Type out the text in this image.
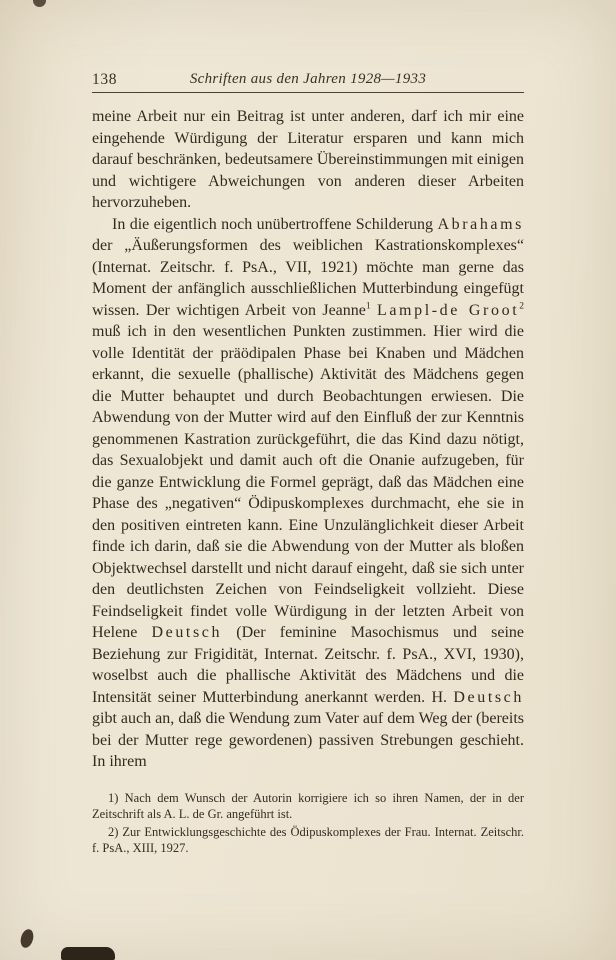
138	Schriften aus den Jahren 1928—1933

meine Arbeit nur ein Beitrag ist unter anderen, darf ich mir eine eingehende Würdigung der Literatur ersparen und kann mich darauf beschränken, bedeutsamere Übereinstimmungen mit einigen und wichtigere Abweichungen von anderen dieser Arbeiten hervorzuheben.

In die eigentlich noch unübertroffene Schilderung Abrahams der „Äußerungsformen des weiblichen Kastrationskomplexes“ (Internat. Zeitschr. f. PsA., VII, 1921) möchte man gerne das Moment der anfänglich ausschließlichen Mutterbindung eingefügt wissen. Der wichtigen Arbeit von Jeanne$^1$ Lampl-de Groot$^2$ muß ich in den wesentlichen Punkten zustimmen. Hier wird die volle Identität der präödipalen Phase bei Knaben und Mädchen erkannt, die sexuelle (phallische) Aktivität des Mädchens gegen die Mutter behauptet und durch Beobachtungen erwiesen. Die Abwendung von der Mutter wird auf den Einfluß der zur Kenntnis genommenen Kastration zurückgeführt, die das Kind dazu nötigt, das Sexualobjekt und damit auch oft die Onanie aufzugeben, für die ganze Entwicklung die Formel geprägt, daß das Mädchen eine Phase des „negativen“ Ödipuskomplexes durchmacht, ehe sie in den positiven eintreten kann. Eine Unzulänglichkeit dieser Arbeit finde ich darin, daß sie die Abwendung von der Mutter als bloßen Objektwechsel darstellt und nicht darauf eingeht, daß sie sich unter den deutlichsten Zeichen von Feindseligkeit vollzieht. Diese Feindseligkeit findet volle Würdigung in der letzten Arbeit von Helene Deutsch (Der feminine Masochismus und seine Beziehung zur Frigidität, Internat. Zeitschr. f. PsA., XVI, 1930), woselbst auch die phallische Aktivität des Mädchens und die Intensität seiner Mutterbindung anerkannt werden. H. Deutsch gibt auch an, daß die Wendung zum Vater auf dem Weg der (bereits bei der Mutter rege gewordenen) passiven Strebungen geschieht. In ihrem

1) Nach dem Wunsch der Autorin korrigiere ich so ihren Namen, der in der Zeitschrift als A. L. de Gr. angeführt ist.

2) Zur Entwicklungsgeschichte des Ödipuskomplexes der Frau. Internat. Zeitschr. f. PsA., XIII, 1927.
